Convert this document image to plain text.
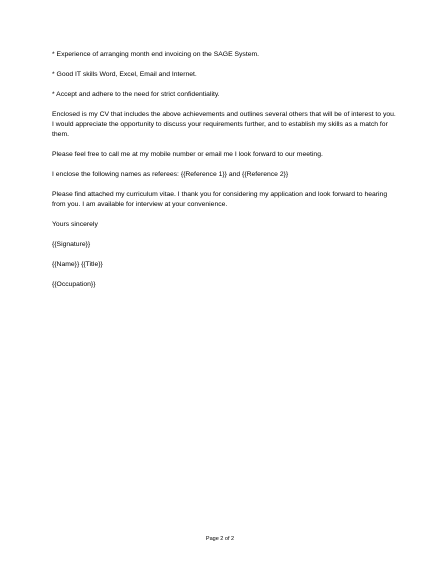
* Experience of arranging month end invoicing on the SAGE System.

* Good IT skills Word, Excel, Email and Internet.

* Accept and adhere to the need for strict confidentiality.

Enclosed is my CV that includes the above achievements and outlines several others that will be of interest to you. I would appreciate the opportunity to discuss your requirements further, and to establish my skills as a match for them.

Please feel free to call me at my mobile number or email me I look forward to our meeting.

I enclose the following names as referees: {{Reference 1}} and {{Reference 2}}

Please find attached my curriculum vitae. I thank you for considering my application and look forward to hearing from you. I am available for interview at your convenience.

Yours sincerely

{{Signature}}

{{Name}} {{Title}}

{{Occupation}}

Page 2 of 2
